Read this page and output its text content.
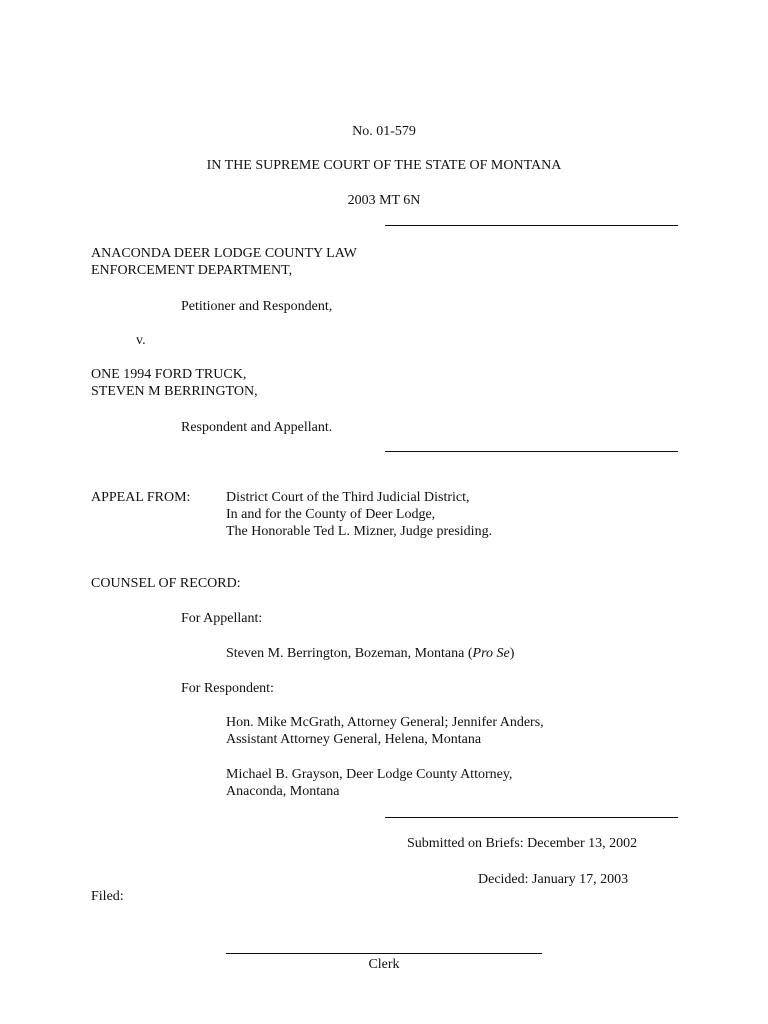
No. 01-579
IN THE SUPREME COURT OF THE STATE OF MONTANA
2003 MT 6N
ANACONDA DEER LODGE COUNTY LAW
ENFORCEMENT DEPARTMENT,
Petitioner and Respondent,
v.
ONE 1994 FORD TRUCK,
STEVEN M BERRINGTON,
Respondent and Appellant.
APPEAL FROM:	District Court of the Third Judicial District,
In and for the County of Deer Lodge,
The Honorable Ted L. Mizner, Judge presiding.
COUNSEL OF RECORD:
For Appellant:
Steven M. Berrington, Bozeman, Montana (Pro Se)
For Respondent:
Hon. Mike McGrath, Attorney General; Jennifer Anders,
Assistant Attorney General, Helena, Montana
Michael B. Grayson, Deer Lodge County Attorney,
Anaconda, Montana
Submitted on Briefs: December 13, 2002
Decided: January 17, 2003
Filed:
Clerk
